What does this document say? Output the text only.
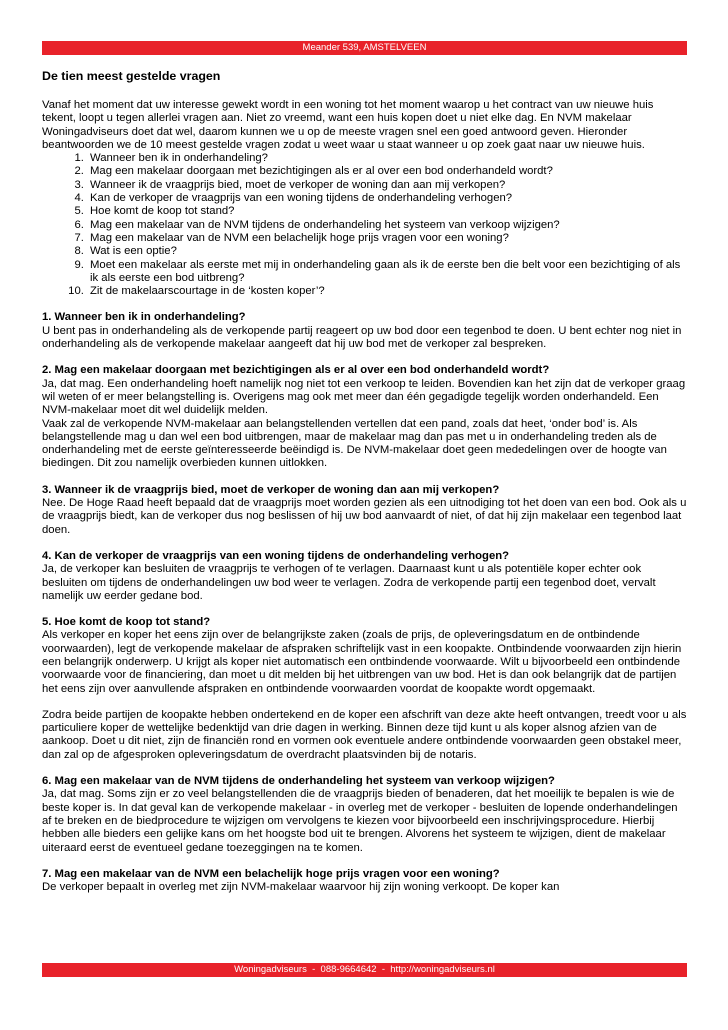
Meander 539, AMSTELVEEN
De tien meest gestelde vragen

Vanaf het moment dat uw interesse gewekt wordt in een woning tot het moment waarop u het contract van uw nieuwe huis tekent, loopt u tegen allerlei vragen aan. Niet zo vreemd, want een huis kopen doet u niet elke dag. En NVM makelaar Woningadviseurs doet dat wel, daarom kunnen we u op de meeste vragen snel een goed antwoord geven. Hieronder beantwoorden we de 10 meest gestelde vragen zodat u weet waar u staat wanneer u op zoek gaat naar uw nieuwe huis.

1. Wanneer ben ik in onderhandeling?
2. Mag een makelaar doorgaan met bezichtigingen als er al over een bod onderhandeld wordt?
3. Wanneer ik de vraagprijs bied, moet de verkoper de woning dan aan mij verkopen?
4. Kan de verkoper de vraagprijs van een woning tijdens de onderhandeling verhogen?
5. Hoe komt de koop tot stand?
6. Mag een makelaar van de NVM tijdens de onderhandeling het systeem van verkoop wijzigen?
7. Mag een makelaar van de NVM een belachelijk hoge prijs vragen voor een woning?
8. Wat is een optie?
9. Moet een makelaar als eerste met mij in onderhandeling gaan als ik de eerste ben die belt voor een bezichtiging of als ik als eerste een bod uitbreng?
10. Zit de makelaarscourtage in de ‘kosten koper’?

1. Wanneer ben ik in onderhandeling?

U bent pas in onderhandeling als de verkopende partij reageert op uw bod door een tegenbod te doen. U bent echter nog niet in onderhandeling als de verkopende makelaar aangeeft dat hij uw bod met de verkoper zal bespreken.

2. Mag een makelaar doorgaan met bezichtigingen als er al over een bod onderhandeld wordt?

Ja, dat mag. Een onderhandeling hoeft namelijk nog niet tot een verkoop te leiden. Bovendien kan het zijn dat de verkoper graag wil weten of er meer belangstelling is. Overigens mag ook met meer dan één gegadigde tegelijk worden onderhandeld. Een NVM-makelaar moet dit wel duidelijk melden.

Vaak zal de verkopende NVM-makelaar aan belangstellenden vertellen dat een pand, zoals dat heet, ‘onder bod’ is. Als belangstellende mag u dan wel een bod uitbrengen, maar de makelaar mag dan pas met u in onderhandeling treden als de onderhandeling met de eerste geïnteresseerde beëindigd is. De NVM-makelaar doet geen mededelingen over de hoogte van biedingen. Dit zou namelijk overbieden kunnen uitlokken.

3. Wanneer ik de vraagprijs bied, moet de verkoper de woning dan aan mij verkopen?

Nee. De Hoge Raad heeft bepaald dat de vraagprijs moet worden gezien als een uitnodiging tot het doen van een bod. Ook als u de vraagprijs biedt, kan de verkoper dus nog beslissen of hij uw bod aanvaardt of niet, of dat hij zijn makelaar een tegenbod laat doen.

4. Kan de verkoper de vraagprijs van een woning tijdens de onderhandeling verhogen?

Ja, de verkoper kan besluiten de vraagprijs te verhogen of te verlagen. Daarnaast kunt u als potentiële koper echter ook besluiten om tijdens de onderhandelingen uw bod weer te verlagen. Zodra de verkopende partij een tegenbod doet, vervalt namelijk uw eerder gedane bod.

5. Hoe komt de koop tot stand?

Als verkoper en koper het eens zijn over de belangrijkste zaken (zoals de prijs, de opleveringsdatum en de ontbindende voorwaarden), legt de verkopende makelaar de afspraken schriftelijk vast in een koopakte. Ontbindende voorwaarden zijn hierin een belangrijk onderwerp. U krijgt als koper niet automatisch een ontbindende voorwaarde. Wilt u bijvoorbeeld een ontbindende voorwaarde voor de financiering, dan moet u dit melden bij het uitbrengen van uw bod. Het is dan ook belangrijk dat de partijen het eens zijn over aanvullende afspraken en ontbindende voorwaarden voordat de koopakte wordt opgemaakt.

Zodra beide partijen de koopakte hebben ondertekend en de koper een afschrift van deze akte heeft ontvangen, treedt voor u als particuliere koper de wettelijke bedenktijd van drie dagen in werking. Binnen deze tijd kunt u als koper alsnog afzien van de aankoop. Doet u dit niet, zijn de financiën rond en vormen ook eventuele andere ontbindende voorwaarden geen obstakel meer, dan zal op de afgesproken opleveringsdatum de overdracht plaatsvinden bij de notaris.

6. Mag een makelaar van de NVM tijdens de onderhandeling het systeem van verkoop wijzigen?

Ja, dat mag. Soms zijn er zo veel belangstellenden die de vraagprijs bieden of benaderen, dat het moeilijk te bepalen is wie de beste koper is. In dat geval kan de verkopende makelaar - in overleg met de verkoper - besluiten de lopende onderhandelingen af te breken en de biedprocedure te wijzigen om vervolgens te kiezen voor bijvoorbeeld een inschrijvingsprocedure. Hierbij hebben alle bieders een gelijke kans om het hoogste bod uit te brengen. Alvorens het systeem te wijzigen, dient de makelaar uiteraard eerst de eventueel gedane toezeggingen na te komen.

7. Mag een makelaar van de NVM een belachelijk hoge prijs vragen voor een woning?

De verkoper bepaalt in overleg met zijn NVM-makelaar waarvoor hij zijn woning verkoopt. De koper kan

Woningadviseurs  -  088-9664642  -  http://woningadviseurs.nl
